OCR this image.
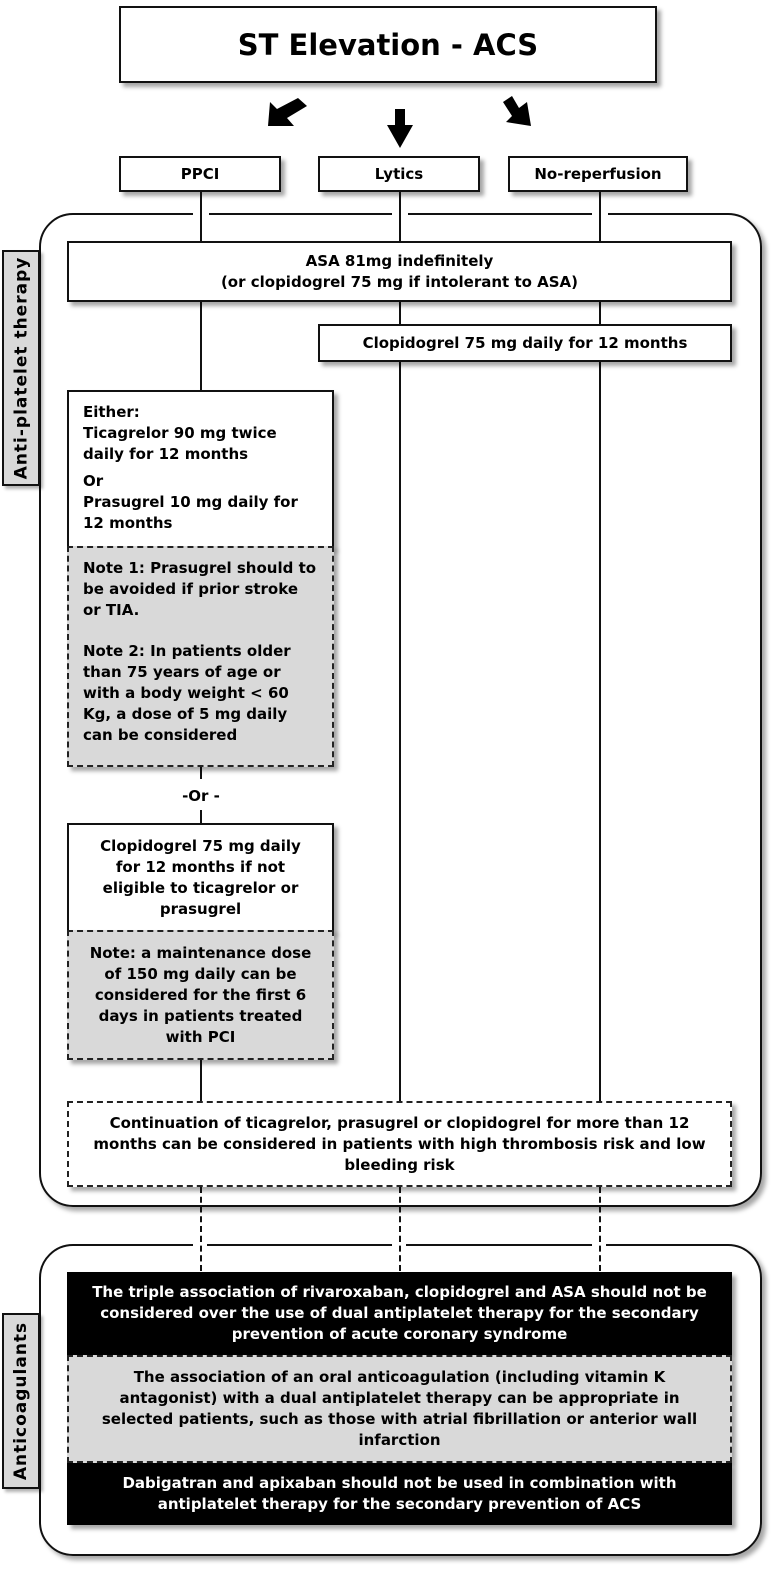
ST Elevation - ACS
PPCI	Lytics	No-reperfusion
Anti-platelet therapy	ASA 81mg indefinitely

(or clopidogrel 75 mg if intolerant to ASA)

Clopidogrel 75 mg daily for 12 months

Either:

Ticagrelor 90 mg twice daily for 12 months

Or

Prasugrel 10 mg daily for 12 months

Note 1: Prasugrel should to be avoided if prior stroke or TIA.

Note 2: In patients older than 75 years of age or with a body weight < 60 Kg, a dose of 5 mg daily can be considered

-Or -
Clopidogrel 75 mg daily for 12 months if not eligible to ticagrelor or prasugrel
Note: a maintenance dose of 150 mg daily can be considered for the first 6 days in patients treated with PCI
Continuation of ticagrelor, prasugrel or clopidogrel for more than 12 months can be considered in patients with high thrombosis risk and low bleeding risk
Anticoagulants
The triple association of rivaroxaban, clopidogrel and ASA should not be considered over the use of dual antiplatelet therapy for the secondary prevention of acute coronary syndrome
The association of an oral anticoagulation (including vitamin K antagonist) with a dual antiplatelet therapy can be appropriate in selected patients, such as those with atrial fibrillation or anterior wall infarction
Dabigatran and apixaban should not be used in combination with antiplatelet therapy for the secondary prevention of ACS
